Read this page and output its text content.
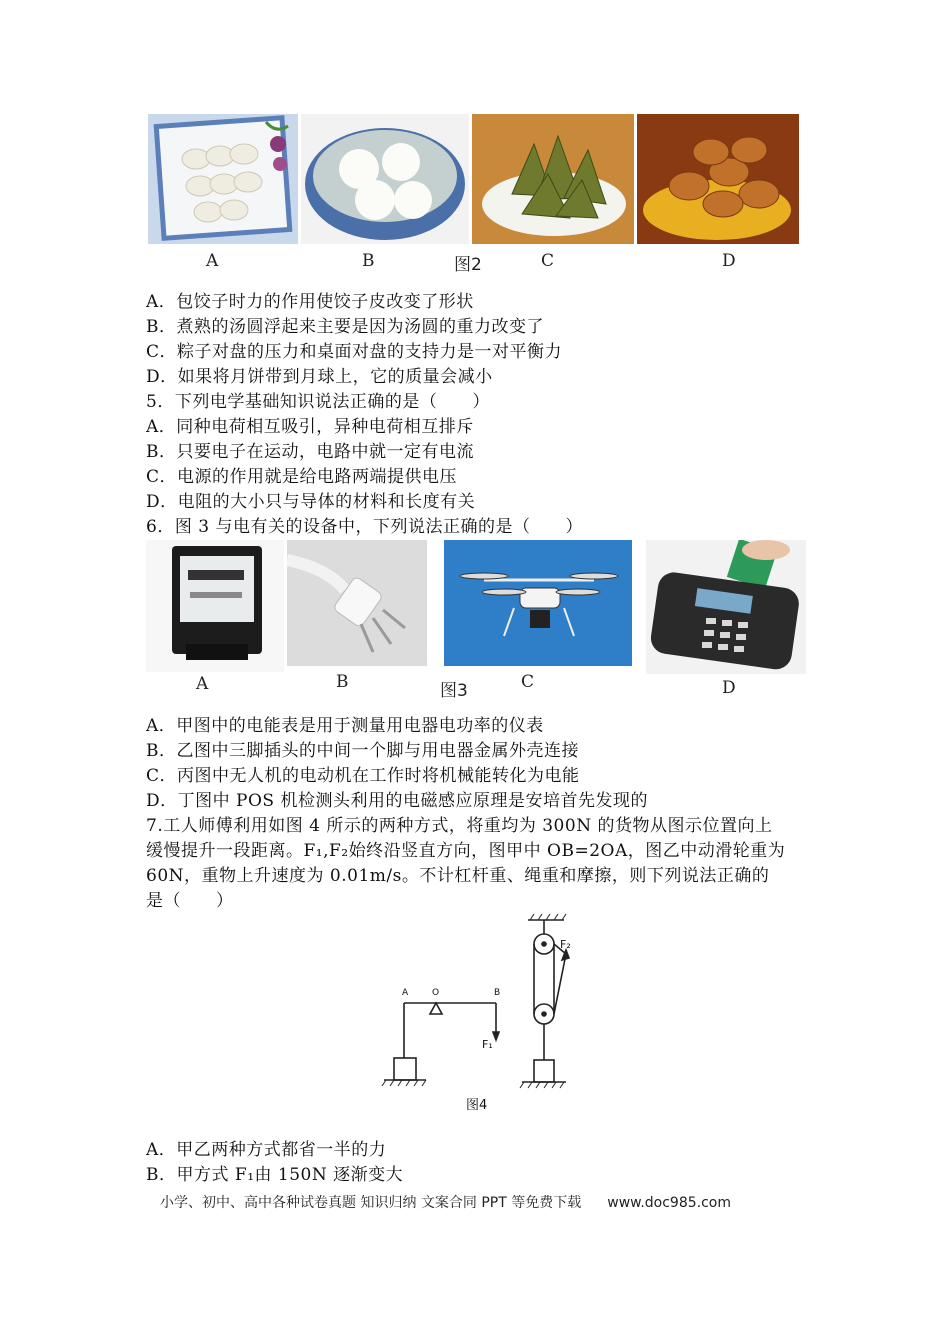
A	B	图2	C	D
A．包饺子时力的作用使饺子皮改变了形状
B．煮熟的汤圆浮起来主要是因为汤圆的重力改变了
C．粽子对盘的压力和桌面对盘的支持力是一对平衡力
D．如果将月饼带到月球上，它的质量会减小
5．下列电学基础知识说法正确的是（　　）
A．同种电荷相互吸引，异种电荷相互排斥
B．只要电子在运动，电路中就一定有电流
C．电源的作用就是给电路两端提供电压
D．电阻的大小只与导体的材料和长度有关
6．图 3 与电有关的设备中，下列说法正确的是（　　）
A	B	图3	C	D
A．甲图中的电能表是用于测量用电器电功率的仪表
B．乙图中三脚插头的中间一个脚与用电器金属外壳连接
C．丙图中无人机的电动机在工作时将机械能转化为电能
D．丁图中 POS 机检测头利用的电磁感应原理是安培首先发现的
7.工人师傅利用如图 4 所示的两种方式，将重均为 300N 的货物从图示位置向上
缓慢提升一段距离。F₁,F₂始终沿竖直方向，图甲中 OB=2OA，图乙中动滑轮重为
60N，重物上升速度为 0.01m/s。不计杠杆重、绳重和摩擦，则下列说法正确的
是（　　）
A	O	B
F₁
F₂
图4
A．甲乙两种方式都省一半的力
B．甲方式 F₁由 150N 逐渐变大
小学、初中、高中各种试卷真题 知识归纳 文案合同 PPT 等免费下载 www.doc985.com
